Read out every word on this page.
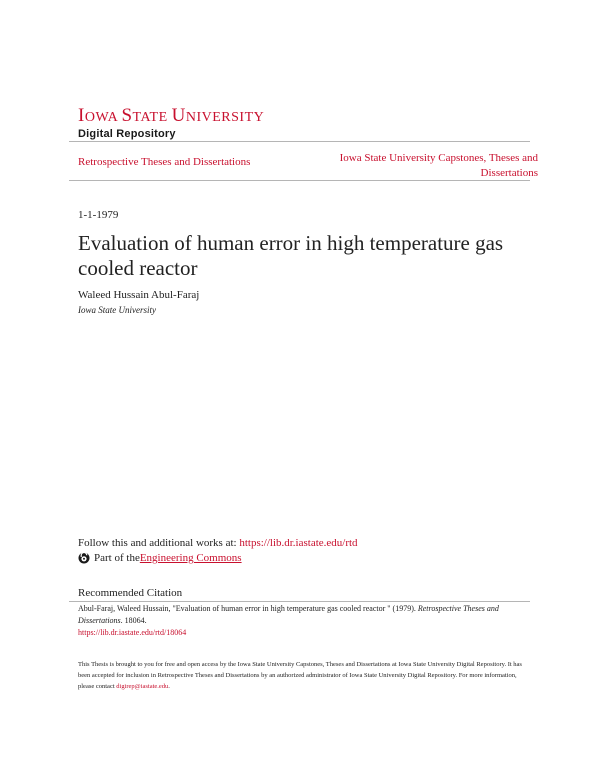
IOWA STATE UNIVERSITY
Digital Repository
Retrospective Theses and Dissertations	Iowa State University Capstones, Theses and Dissertations
1-1-1979
Evaluation of human error in high temperature gas cooled reactor
Waleed Hussain Abul-Faraj
Iowa State University
Follow this and additional works at: https://lib.dr.iastate.edu/rtd
Part of the Engineering Commons
Recommended Citation
Abul-Faraj, Waleed Hussain, "Evaluation of human error in high temperature gas cooled reactor " (1979). Retrospective Theses and Dissertations. 18064.
https://lib.dr.iastate.edu/rtd/18064
This Thesis is brought to you for free and open access by the Iowa State University Capstones, Theses and Dissertations at Iowa State University Digital Repository. It has been accepted for inclusion in Retrospective Theses and Dissertations by an authorized administrator of Iowa State University Digital Repository. For more information, please contact digirep@iastate.edu.
